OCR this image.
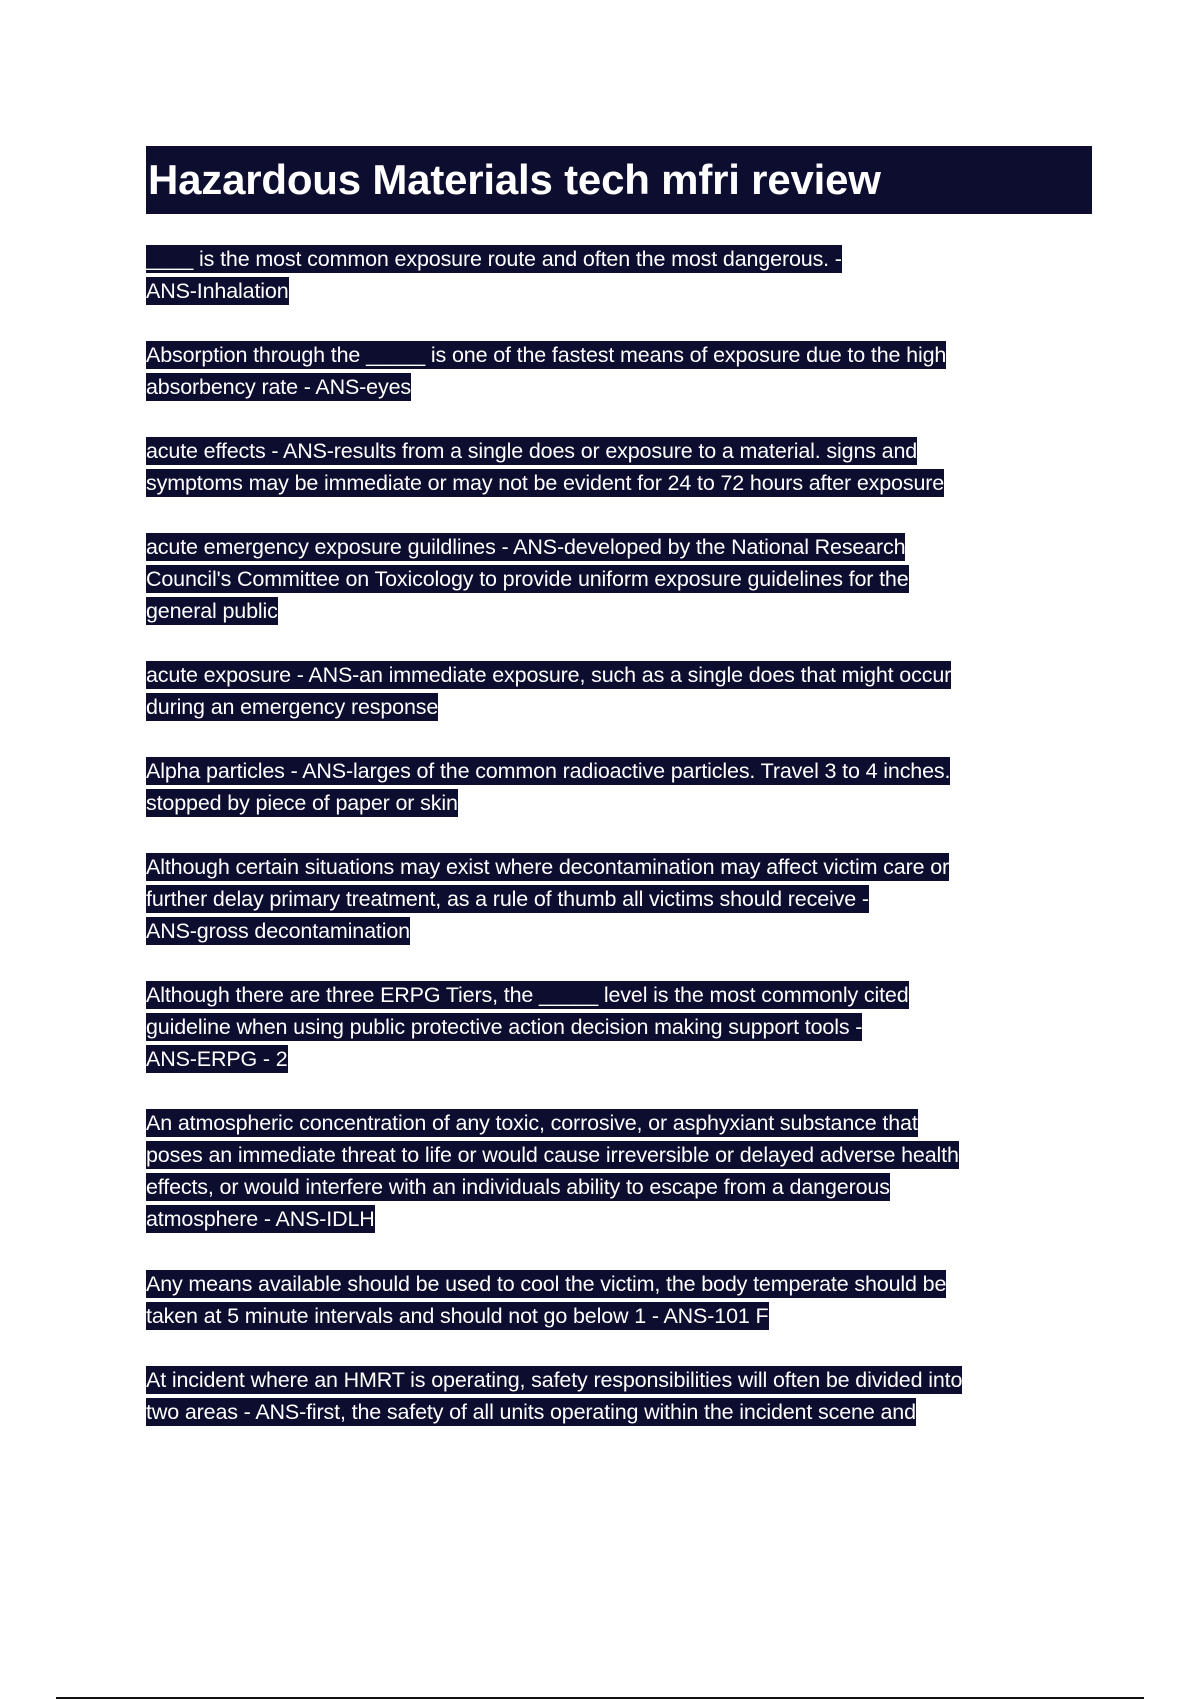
Hazardous Materials tech mfri review
____ is the most common exposure route and often the most dangerous. -
ANS-Inhalation
Absorption through the _____ is one of the fastest means of exposure due to the high
absorbency rate - ANS-eyes
acute effects - ANS-results from a single does or exposure to a material. signs and
symptoms may be immediate or may not be evident for 24 to 72 hours after exposure
acute emergency exposure guildlines - ANS-developed by the National Research
Council's Committee on Toxicology to provide uniform exposure guidelines for the
general public
acute exposure - ANS-an immediate exposure, such as a single does that might occur
during an emergency response
Alpha particles - ANS-larges of the common radioactive particles. Travel 3 to 4 inches.
stopped by piece of paper or skin
Although certain situations may exist where decontamination may affect victim care or
further delay primary treatment, as a rule of thumb all victims should receive -
ANS-gross decontamination
Although there are three ERPG Tiers, the _____ level is the most commonly cited
guideline when using public protective action decision making support tools -
ANS-ERPG - 2
An atmospheric concentration of any toxic, corrosive, or asphyxiant substance that
poses an immediate threat to life or would cause irreversible or delayed adverse health
effects, or would interfere with an individuals ability to escape from a dangerous
atmosphere - ANS-IDLH
Any means available should be used to cool the victim, the body temperate should be
taken at 5 minute intervals and should not go below 1 - ANS-101 F
At incident where an HMRT is operating, safety responsibilities will often be divided into
two areas - ANS-first, the safety of all units operating within the incident scene and
